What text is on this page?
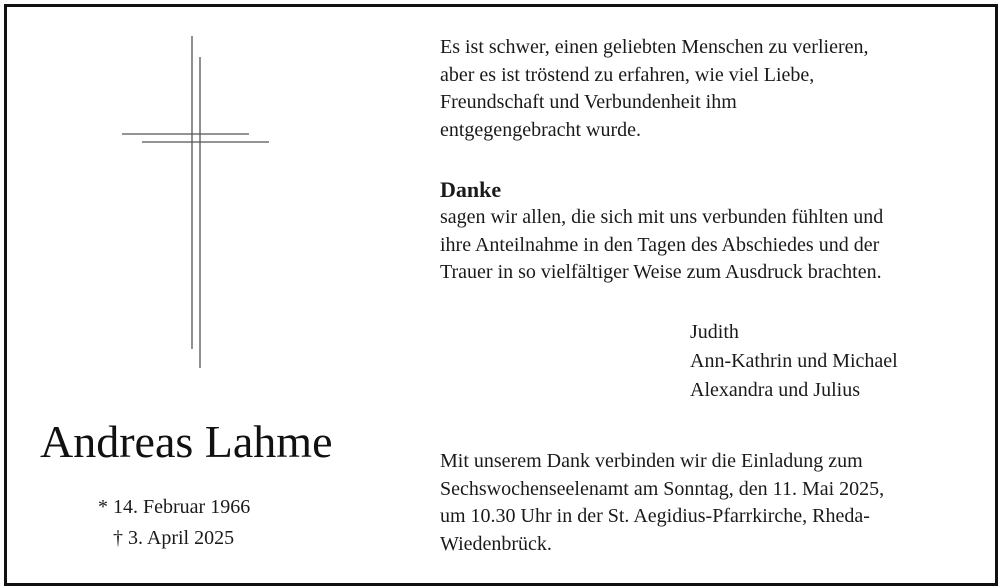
Andreas Lahme
* 14. Februar 1966
† 3. April 2025
Es ist schwer, einen geliebten Menschen zu verlieren,
aber es ist tröstend zu erfahren, wie viel Liebe,
Freundschaft und Verbundenheit ihm
entgegengebracht wurde.
Danke
sagen wir allen, die sich mit uns verbunden fühlten und
ihre Anteilnahme in den Tagen des Abschiedes und der
Trauer in so vielfältiger Weise zum Ausdruck brachten.
Judith
Ann-Kathrin und Michael
Alexandra und Julius
Mit unserem Dank verbinden wir die Einladung zum
Sechswochenseelenamt am Sonntag, den 11. Mai 2025,
um 10.30 Uhr in der St. Aegidius-Pfarrkirche, Rheda-
Wiedenbrück.
